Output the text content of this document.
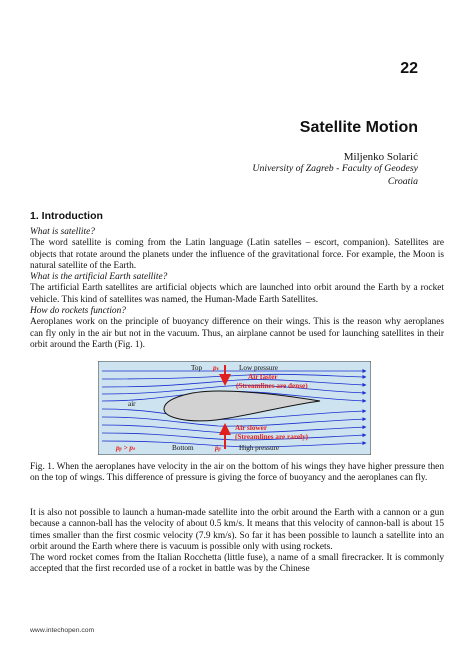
22
Satellite Motion
Miljenko Solarić
University of Zagreb - Faculty of Geodesy
Croatia
1. Introduction

What is satellite?

The word satellite is coming from the Latin language (Latin satelles – escort, companion). Satellites are objects that rotate around the planets under the influence of the gravitational force. For example, the Moon is natural satellite of the Earth.

What is the artificial Earth satellite?

The artificial Earth satellites are artificial objects which are launched into orbit around the Earth by a rocket vehicle. This kind of satellites was named, the Human-Made Earth Satellites.

How do rockets function?

Aeroplanes work on the principle of buoyancy difference on their wings. This is the reason why aeroplanes can fly only in the air but not in the vacuum. Thus, an airplane cannot be used for launching satellites in their orbit around the Earth (Fig. 1).

Top pₜ	Low pressure
Air faster
(Streamlines are dense)
air
Air slower
(Streamlines are rarely)
pᵦ > pₜ	Bottom	pᵦ	High pressure

Fig. 1. When the aeroplanes have velocity in the air on the bottom of his wings they have higher pressure then on the top of wings. This difference of pressure is giving the force of buoyancy and the aeroplanes can fly.

It is also not possible to launch a human-made satellite into the orbit around the Earth with a cannon or a gun because a cannon-ball has the velocity of about 0.5 km/s. It means that this velocity of cannon-ball is about 15 times smaller than the first cosmic velocity (7.9 km/s). So far it has been possible to launch a satellite into an orbit around the Earth where there is vacuum is possible only with using rockets.

The word rocket comes from the Italian Rocchetta (little fuse), a name of a small firecracker. It is commonly accepted that the first recorded use of a rocket in battle was by the Chinese

www.intechopen.com
